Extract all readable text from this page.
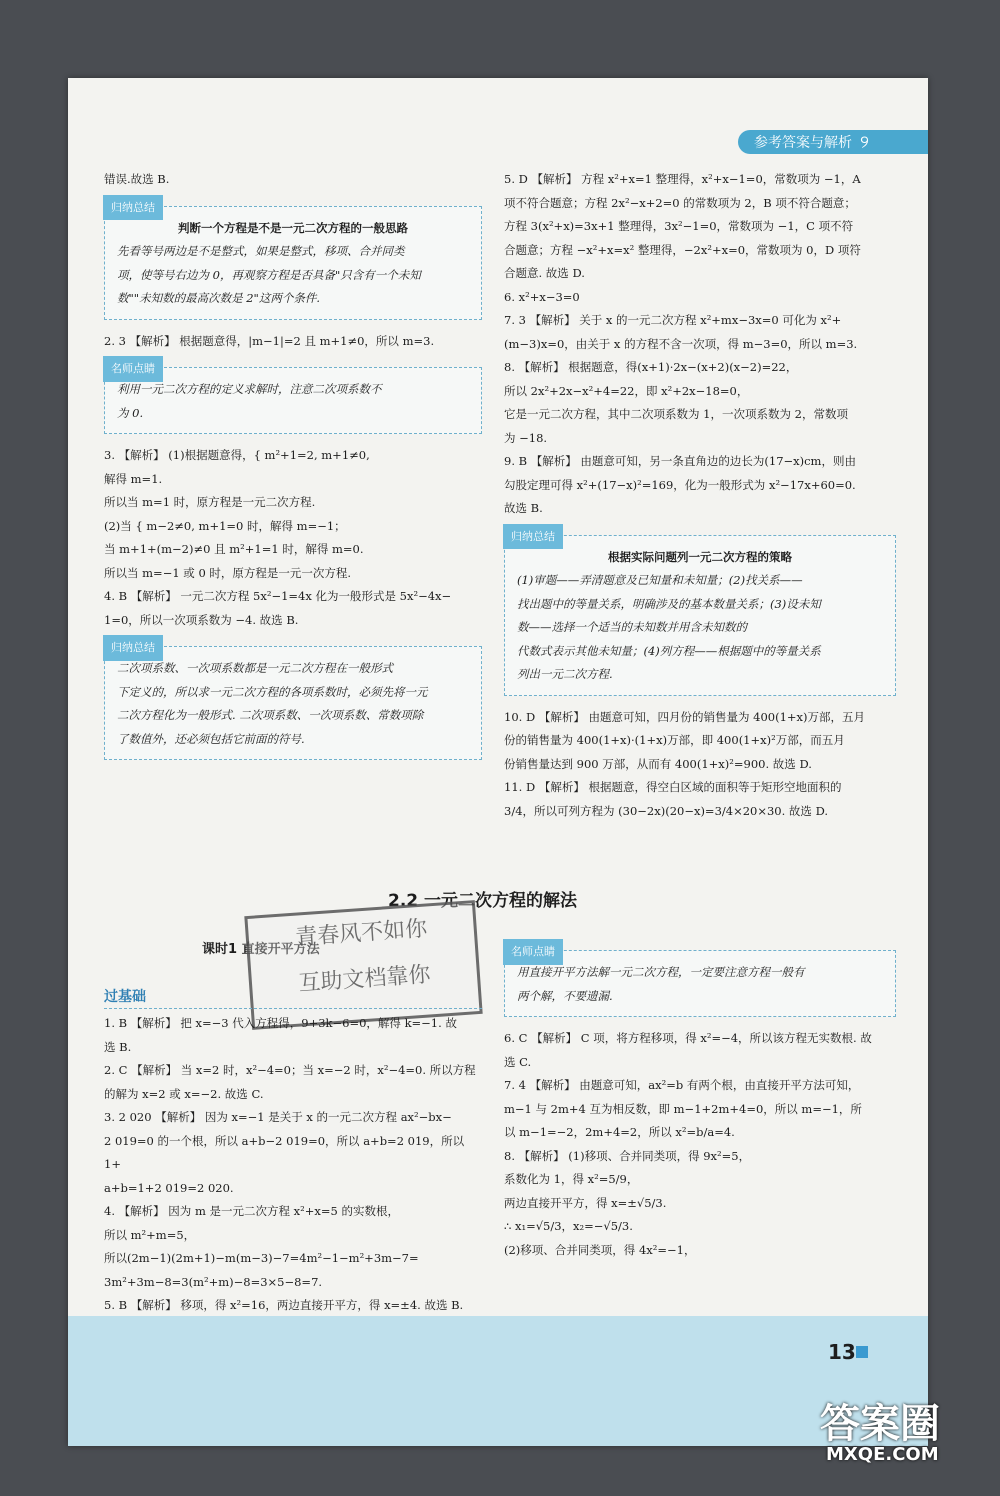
参考答案与解析 ୨

错误.故选 B.

归纳总结
判断一个方程是不是一元二次方程的一般思路

先看等号两边是不是整式，如果是整式，移项、合并同类

项，使等号右边为 0，再观察方程是否具备"只含有一个未知

数""未知数的最高次数是 2"这两个条件.

2. 3 【解析】 根据题意得，|m−1|=2 且 m+1≠0，所以 m=3.

名师点睛

利用一元二次方程的定义求解时，注意二次项系数不

为 0.

3. 【解析】 (1)根据题意得，{ m²+1=2, m+1≠0,

解得 m=1.

所以当 m=1 时，原方程是一元二次方程.

(2)当 { m−2≠0, m+1=0 时，解得 m=−1；

当 m+1+(m−2)≠0 且 m²+1=1 时，解得 m=0.

所以当 m=−1 或 0 时，原方程是一元一次方程.

4. B 【解析】 一元二次方程 5x²−1=4x 化为一般形式是 5x²−4x−

1=0，所以一次项系数为 −4. 故选 B.

归纳总结

二次项系数、一次项系数都是一元二次方程在一般形式

下定义的，所以求一元二次方程的各项系数时，必须先将一元

二次方程化为一般形式. 二次项系数、一次项系数、常数项除

了数值外，还必须包括它前面的符号.

5. D 【解析】 方程 x²+x=1 整理得，x²+x−1=0，常数项为 −1，A

项不符合题意；方程 2x²−x+2=0 的常数项为 2，B 项不符合题意；

方程 3(x²+x)=3x+1 整理得，3x²−1=0，常数项为 −1，C 项不符

合题意；方程 −x²+x=x² 整理得，−2x²+x=0，常数项为 0，D 项符

合题意. 故选 D.

6. x²+x−3=0

7. 3 【解析】 关于 x 的一元二次方程 x²+mx−3x=0 可化为 x²+

(m−3)x=0，由关于 x 的方程不含一次项，得 m−3=0，所以 m=3.

8. 【解析】 根据题意，得(x+1)·2x−(x+2)(x−2)=22，

所以 2x²+2x−x²+4=22，即 x²+2x−18=0，

它是一元二次方程，其中二次项系数为 1，一次项系数为 2，常数项

为 −18.

9. B 【解析】 由题意可知，另一条直角边的边长为(17−x)cm，则由

勾股定理可得 x²+(17−x)²=169，化为一般形式为 x²−17x+60=0.

故选 B.

归纳总结
根据实际问题列一元二次方程的策略

(1)审题——弄清题意及已知量和未知量；(2)找关系——

找出题中的等量关系，明确涉及的基本数量关系；(3)设未知

数——选择一个适当的未知数并用含未知数的

代数式表示其他未知量；(4)列方程——根据题中的等量关系

列出一元二次方程.

10. D 【解析】 由题意可知，四月份的销售量为 400(1+x)万部，五月

份的销售量为 400(1+x)·(1+x)万部，即 400(1+x)²万部，而五月

份销售量达到 900 万部，从而有 400(1+x)²=900. 故选 D.

11. D 【解析】 根据题意，得空白区域的面积等于矩形空地面积的

3/4，所以可列方程为 (30−2x)(20−x)=3/4×20×30. 故选 D.

2.2 一元二次方程的解法
课时1 直接开平方法
青春风不如你
互助文档靠你
过基础

1. B 【解析】 把 x=−3 代入方程得，9+3k−6=0，解得 k=−1. 故

选 B.

2. C 【解析】 当 x=2 时，x²−4=0；当 x=−2 时，x²−4=0. 所以方程

的解为 x=2 或 x=−2. 故选 C.

3. 2 020 【解析】 因为 x=−1 是关于 x 的一元二次方程 ax²−bx−

2 019=0 的一个根，所以 a+b−2 019=0，所以 a+b=2 019，所以 1+

a+b=1+2 019=2 020.

4. 【解析】 因为 m 是一元二次方程 x²+x=5 的实数根，

所以 m²+m=5，

所以(2m−1)(2m+1)−m(m−3)−7=4m²−1−m²+3m−7=

3m²+3m−8=3(m²+m)−8=3×5−8=7.

5. B 【解析】 移项，得 x²=16，两边直接开平方，得 x=±4. 故选 B.

名师点睛

用直接开平方法解一元二次方程，一定要注意方程一般有

两个解，不要遗漏.

6. C 【解析】 C 项，将方程移项，得 x²=−4，所以该方程无实数根. 故

选 C.

7. 4 【解析】 由题意可知，ax²=b 有两个根，由直接开平方法可知，

m−1 与 2m+4 互为相反数，即 m−1+2m+4=0，所以 m=−1，所

以 m−1=−2，2m+4=2，所以 x²=b/a=4.

8. 【解析】 (1)移项、合并同类项，得 9x²=5，

系数化为 1，得 x²=5/9，

两边直接开平方，得 x=±√5/3.

∴ x₁=√5/3，x₂=−√5/3.

(2)移项、合并同类项，得 4x²=−1，

13
答案圈
MXQE.COM
